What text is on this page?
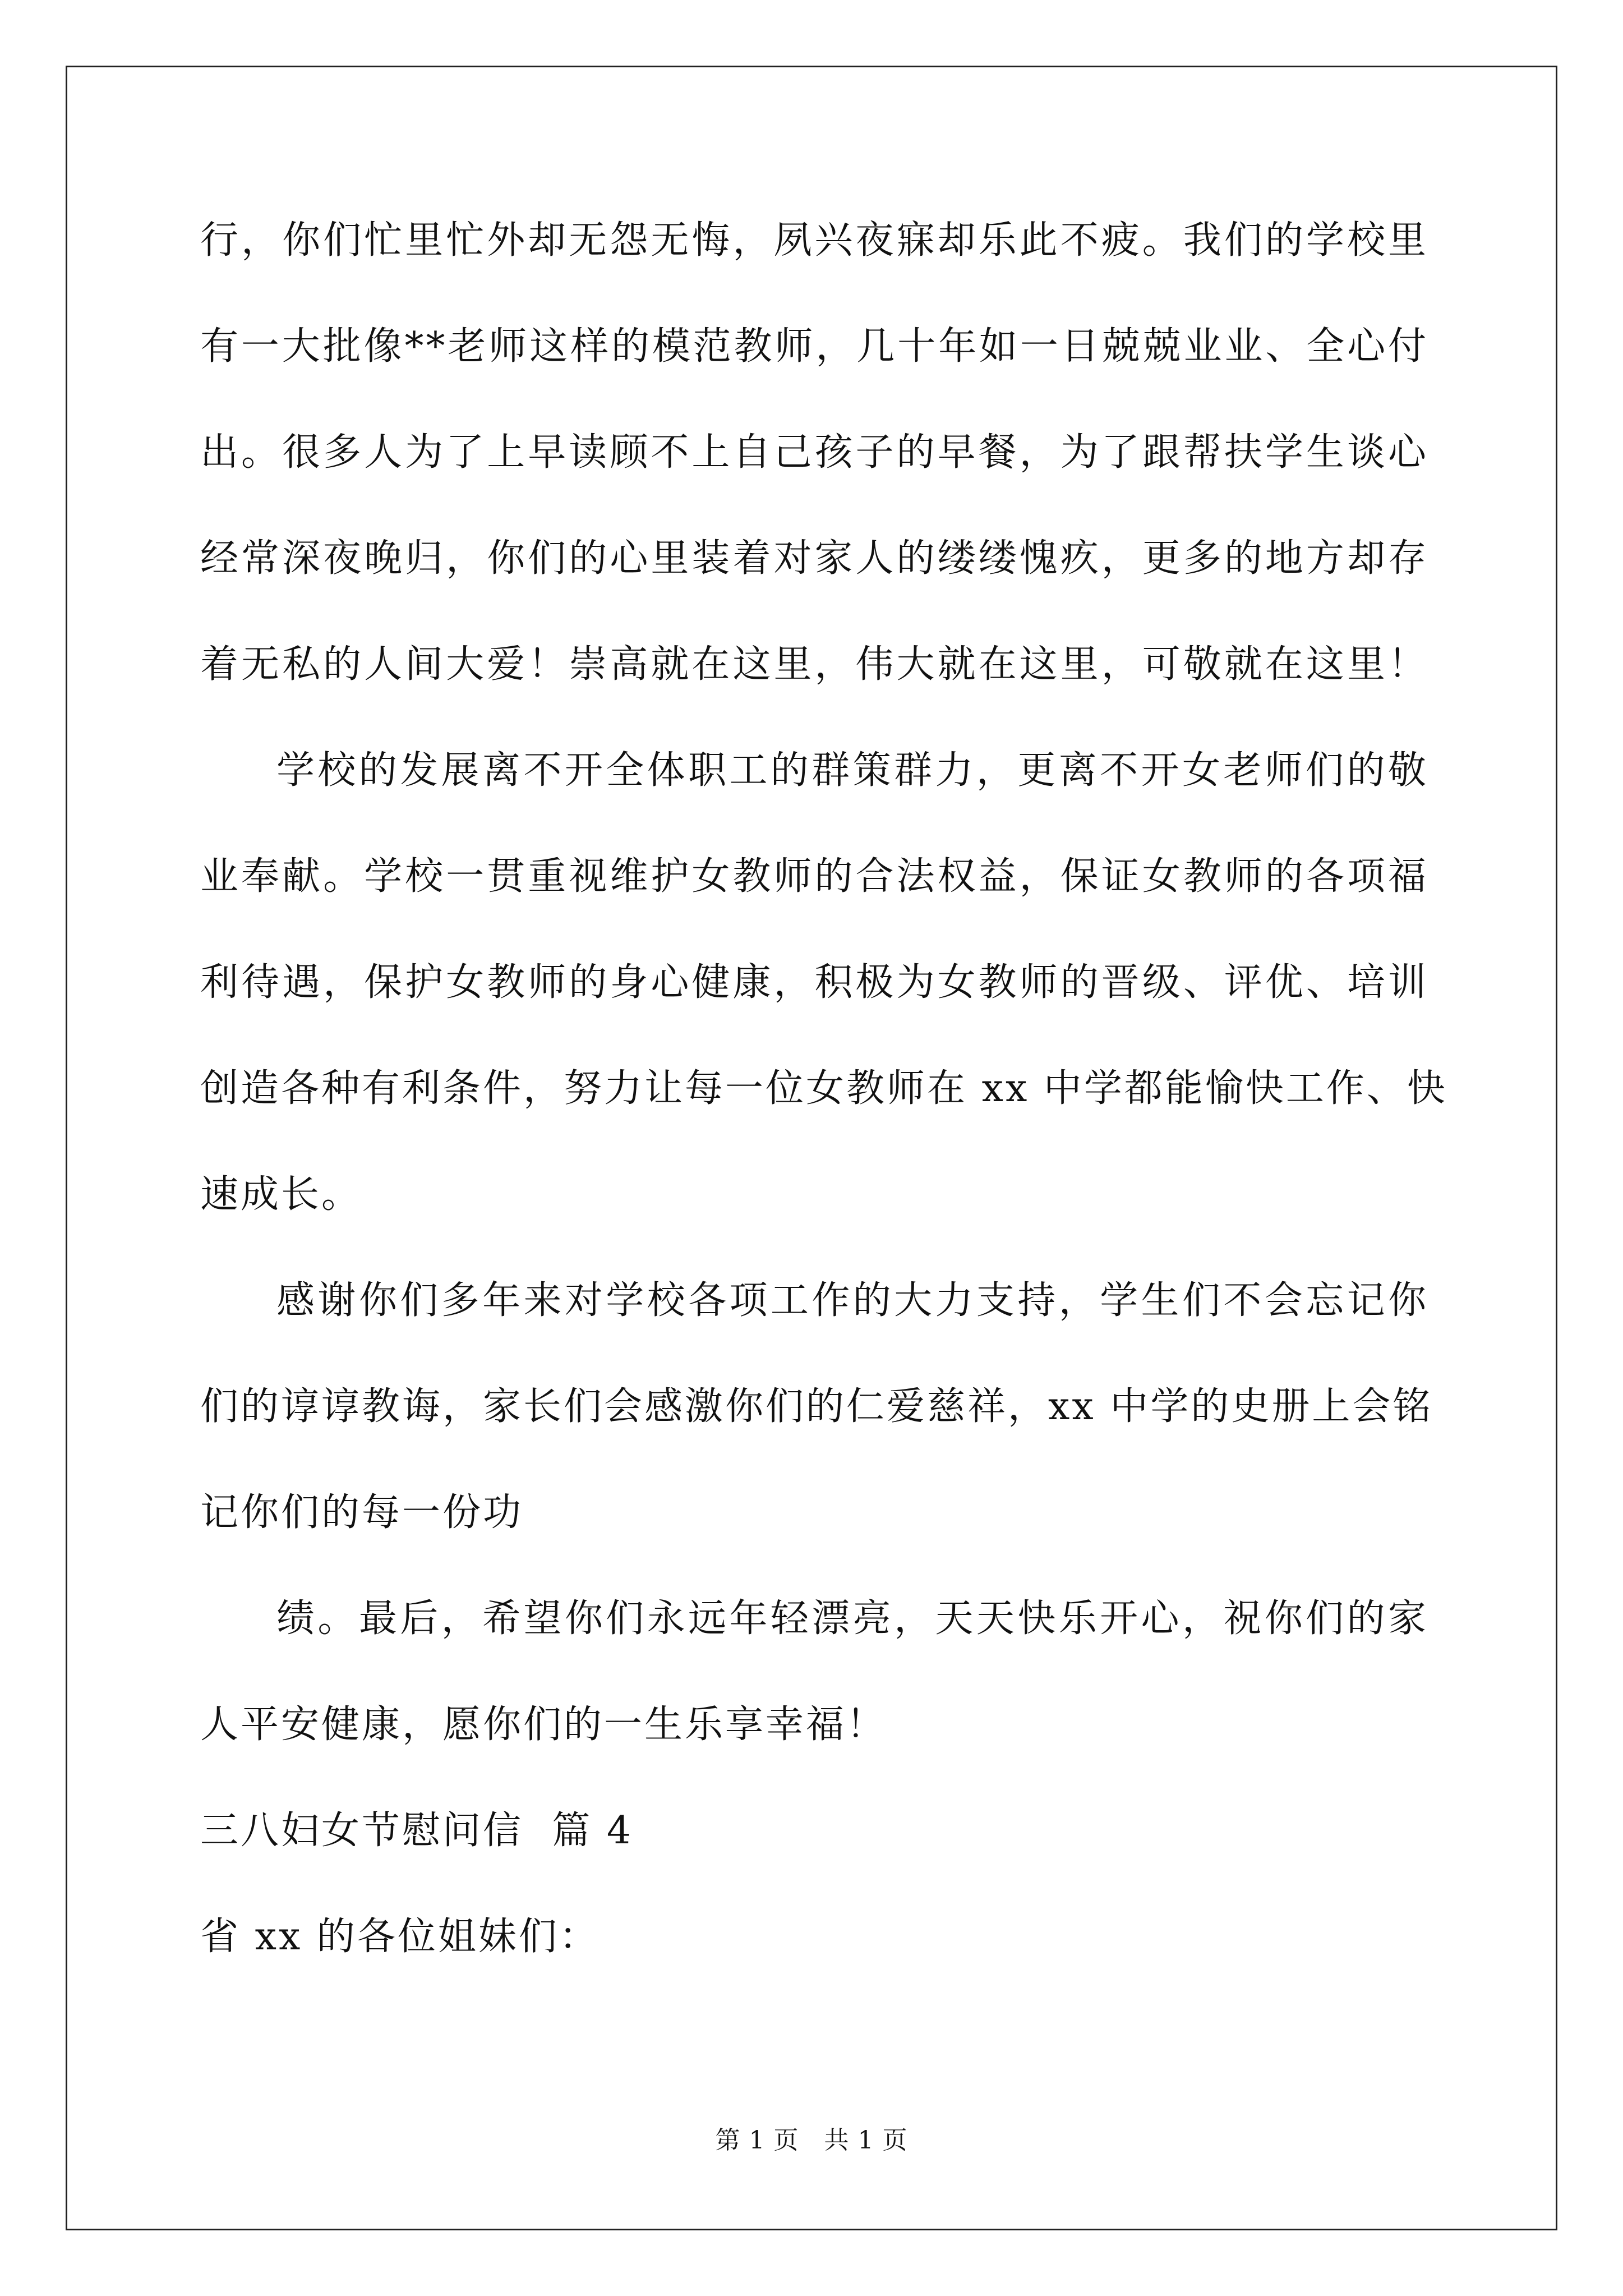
行，你们忙里忙外却无怨无悔，夙兴夜寐却乐此不疲。我们的学校里
有一大批像**老师这样的模范教师，几十年如一日兢兢业业、全心付
出。很多人为了上早读顾不上自己孩子的早餐，为了跟帮扶学生谈心
经常深夜晚归，你们的心里装着对家人的缕缕愧疚，更多的地方却存
着无私的人间大爱！崇高就在这里，伟大就在这里，可敬就在这里！
学校的发展离不开全体职工的群策群力，更离不开女老师们的敬
业奉献。学校一贯重视维护女教师的合法权益，保证女教师的各项福
利待遇，保护女教师的身心健康，积极为女教师的晋级、评优、培训
创造各种有利条件，努力让每一位女教师在 xx 中学都能愉快工作、快
速成长。
感谢你们多年来对学校各项工作的大力支持，学生们不会忘记你
们的谆谆教诲，家长们会感激你们的仁爱慈祥，xx 中学的史册上会铭
记你们的每一份功
绩。最后，希望你们永远年轻漂亮，天天快乐开心，祝你们的家
人平安健康，愿你们的一生乐享幸福！
三八妇女节慰问信  篇 4
省 xx 的各位姐妹们：
第 1 页   共 1 页
